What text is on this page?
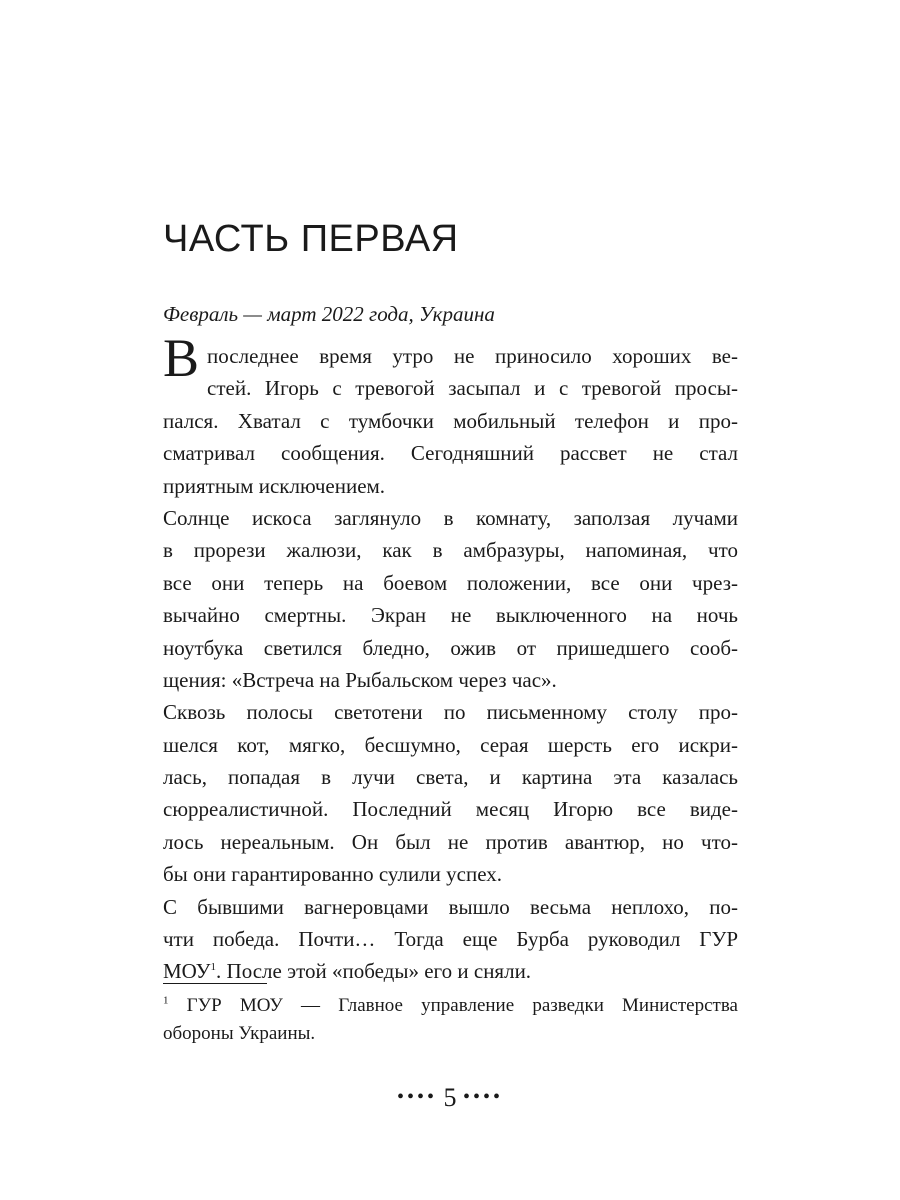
ЧАСТЬ ПЕРВАЯ
Февраль — март 2022 года, Украина
В последнее время утро не приносило хороших ве-
стей. Игорь с тревогой засыпал и с тревогой просы-
пался. Хватал с тумбочки мобильный телефон и про-
сматривал сообщения. Сегодняшний рассвет не стал
приятным исключением.
Солнце искоса заглянуло в комнату, заползая лучами
в прорези жалюзи, как в амбразуры, напоминая, что
все они теперь на боевом положении, все они чрез-
вычайно смертны. Экран не выключенного на ночь
ноутбука светился бледно, ожив от пришедшего сооб-
щения: «Встреча на Рыбальском через час».
Сквозь полосы светотени по письменному столу про-
шелся кот, мягко, бесшумно, серая шерсть его искри-
лась, попадая в лучи света, и картина эта казалась
сюрреалистичной. Последний месяц Игорю все виде-
лось нереальным. Он был не против авантюр, но что-
бы они гарантированно сулили успех.
С бывшими вагнеровцами вышло весьма неплохо, по-
чти победа. Почти… Тогда еще Бурба руководил ГУР
МОУ$^1$. После этой «победы» его и сняли.
$^1$ ГУР МОУ — Главное управление разведки Министерства
обороны Украины.
•••• 5 ••••
